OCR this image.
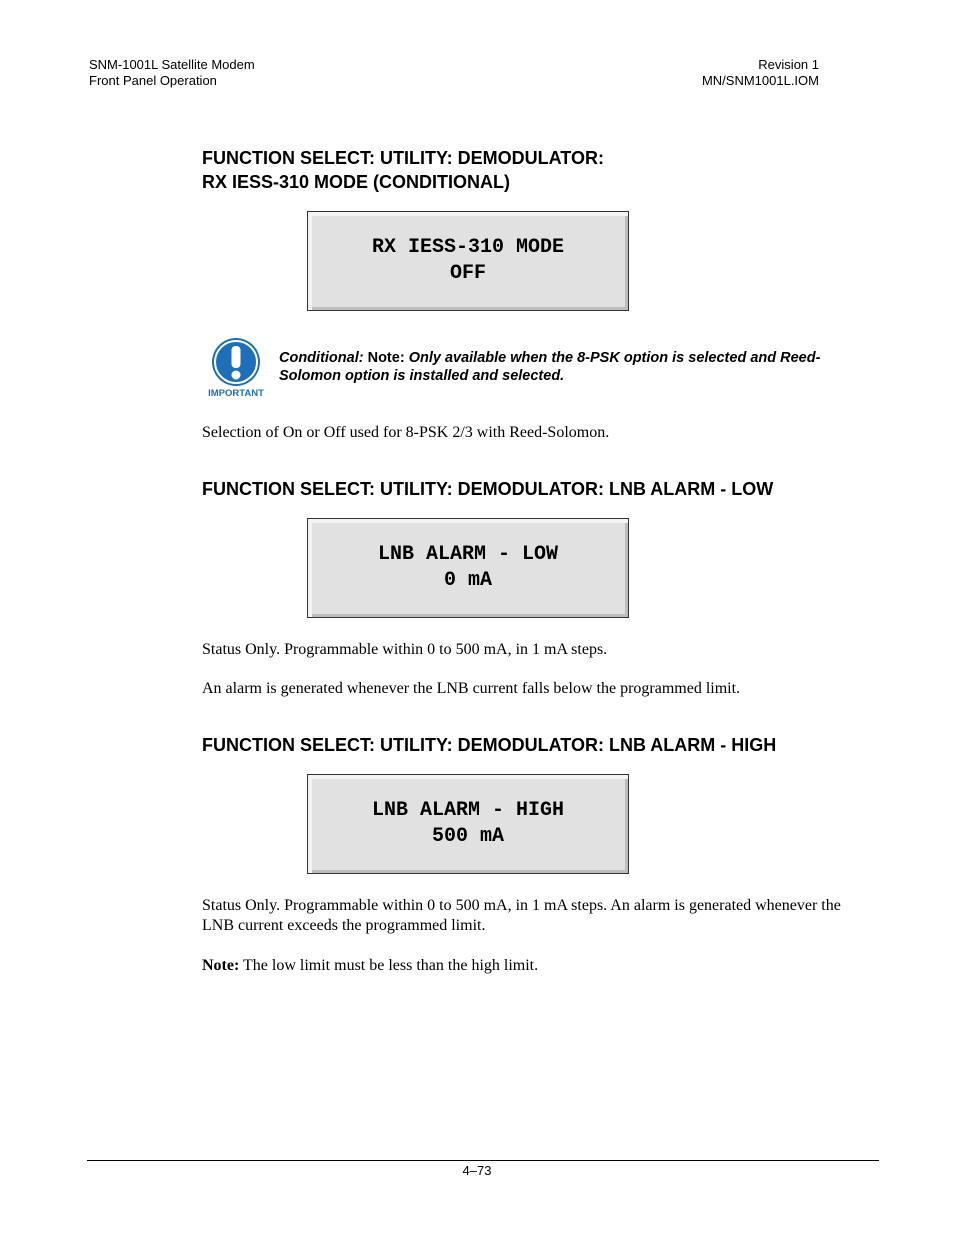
SNM-1001L Satellite Modem
Front Panel Operation
Revision 1
MN/SNM1001L.IOM
FUNCTION SELECT: UTILITY: DEMODULATOR:
RX IESS-310 MODE (CONDITIONAL)
RX IESS-310 MODE
OFF
IMPORTANT
Conditional: Note: Only available when the 8-PSK option is selected and Reed-Solomon option is installed and selected.
Selection of On or Off used for 8-PSK 2/3 with Reed-Solomon.
FUNCTION SELECT: UTILITY: DEMODULATOR: LNB ALARM - LOW
LNB ALARM - LOW
0 mA
Status Only. Programmable within 0 to 500 mA, in 1 mA steps.
An alarm is generated whenever the LNB current falls below the programmed limit.
FUNCTION SELECT: UTILITY: DEMODULATOR: LNB ALARM - HIGH
LNB ALARM - HIGH
500 mA
Status Only. Programmable within 0 to 500 mA, in 1 mA steps. An alarm is generated whenever the LNB current exceeds the programmed limit.
Note: The low limit must be less than the high limit.
4–73
